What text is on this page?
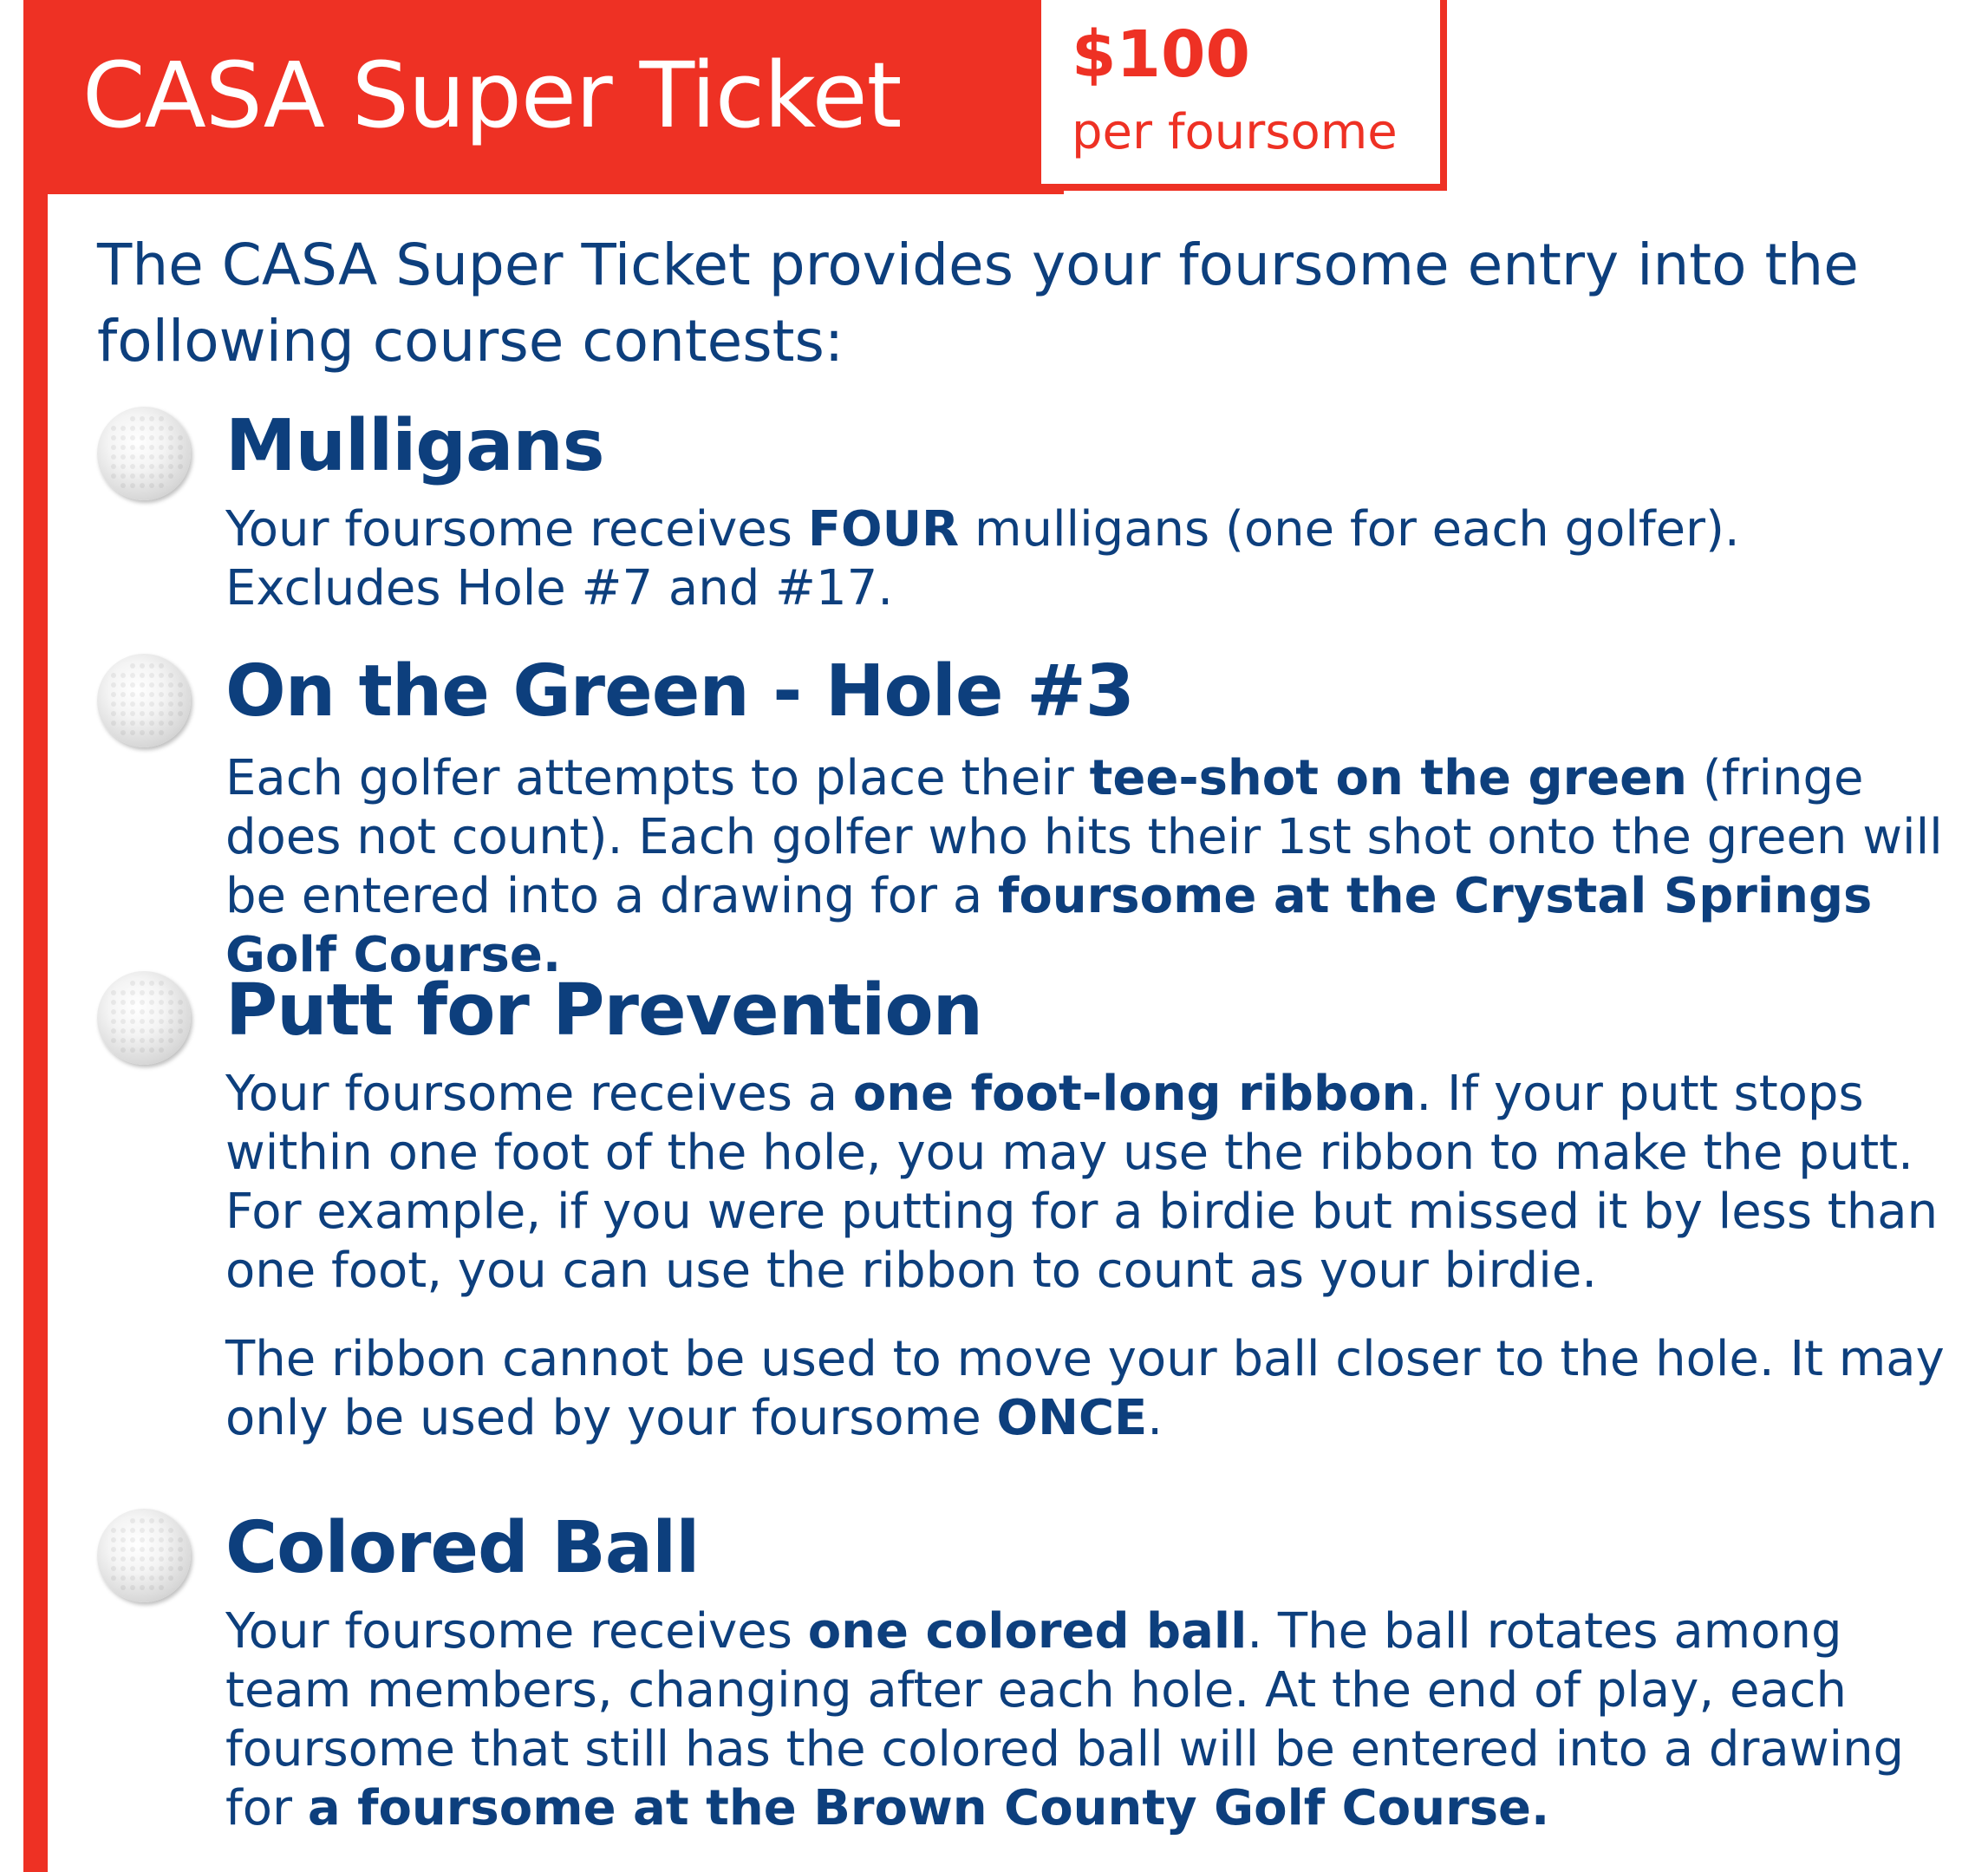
CASA Super Ticket	$100
per foursome
The CASA Super Ticket provides your foursome entry into the following course contests:
Mulligans

Your foursome receives FOUR mulligans (one for each golfer). Excludes Hole #7 and #17.

On the Green - Hole #3

Each golfer attempts to place their tee-shot on the green (fringe does not count). Each golfer who hits their 1st shot onto the green will be entered into a drawing for a foursome at the Crystal Springs Golf Course.

Putt for Prevention

Your foursome receives a one foot-long ribbon. If your putt stops within one foot of the hole, you may use the ribbon to make the putt. For example, if you were putting for a birdie but missed it by less than one foot, you can use the ribbon to count as your birdie.

The ribbon cannot be used to move your ball closer to the hole. It may only be used by your foursome ONCE.

Colored Ball

Your foursome receives one colored ball. The ball rotates among team members, changing after each hole. At the end of play, each foursome that still has the colored ball will be entered into a drawing for a foursome at the Brown County Golf Course.
